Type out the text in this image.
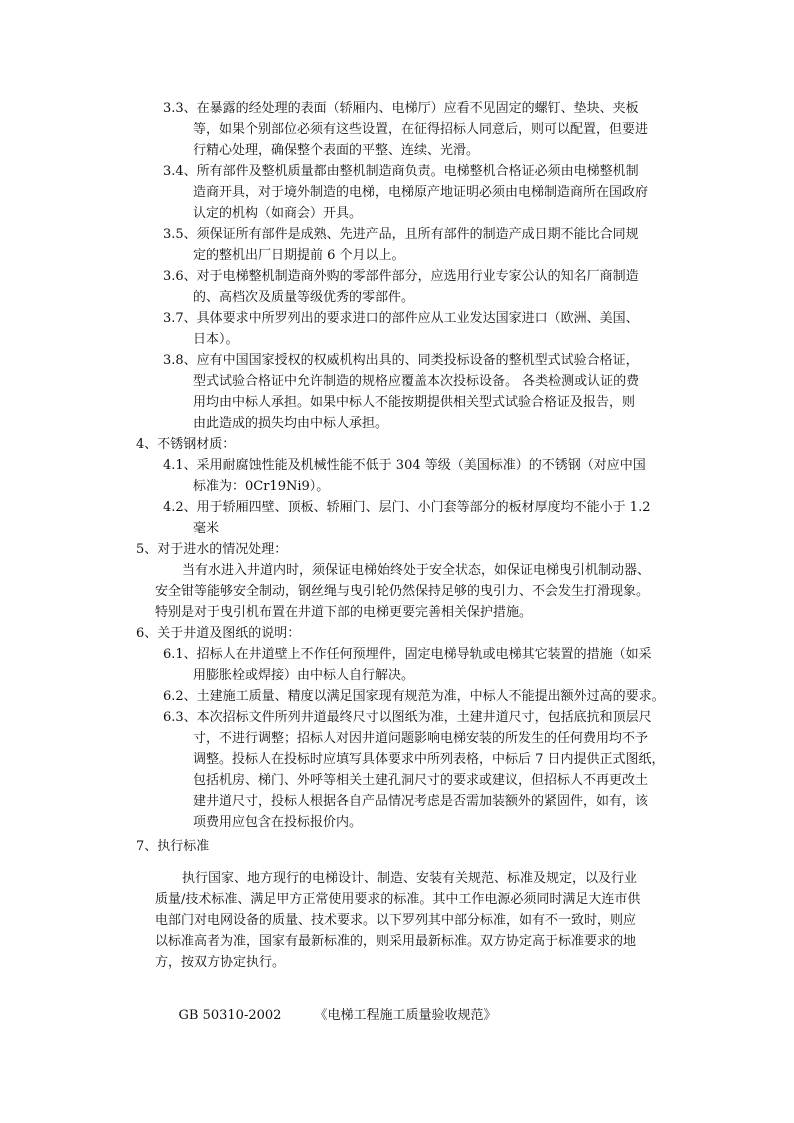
3.3、在暴露的经处理的表面（轿厢内、电梯厅）应看不见固定的螺钉、垫块、夹板
等，如果个别部位必须有这些设置，在征得招标人同意后，则可以配置，但要进
行精心处理，确保整个表面的平整、连续、光滑。

3.4、所有部件及整机质量都由整机制造商负责。电梯整机合格证必须由电梯整机制
造商开具，对于境外制造的电梯，电梯原产地证明必须由电梯制造商所在国政府
认定的机构（如商会）开具。

3.5、须保证所有部件是成熟、先进产品，且所有部件的制造产成日期不能比合同规
定的整机出厂日期提前 6 个月以上。

3.6、对于电梯整机制造商外购的零部件部分，应选用行业专家公认的知名厂商制造
的、高档次及质量等级优秀的零部件。

3.7、具体要求中所罗列出的要求进口的部件应从工业发达国家进口（欧洲、美国、
日本）。

3.8、应有中国国家授权的权威机构出具的、同类投标设备的整机型式试验合格证，
型式试验合格证中允许制造的规格应覆盖本次投标设备。 各类检测或认证的费
用均由中标人承担。如果中标人不能按期提供相关型式试验合格证及报告，则
由此造成的损失均由中标人承担。

4、不锈钢材质：

4.1、采用耐腐蚀性能及机械性能不低于 304 等级（美国标准）的不锈钢（对应中国
标准为：0Cr19Ni9）。

4.2、用于轿厢四壁、顶板、轿厢门、层门、小门套等部分的板材厚度均不能小于 1.2
毫米

5、对于进水的情况处理：

当有水进入井道内时，须保证电梯始终处于安全状态，如保证电梯曳引机制动器、
安全钳等能够安全制动，钢丝绳与曳引轮仍然保持足够的曳引力、不会发生打滑现象。
特别是对于曳引机布置在井道下部的电梯更要完善相关保护措施。

6、关于井道及图纸的说明：

6.1、招标人在井道壁上不作任何预埋件，固定电梯导轨或电梯其它装置的措施（如采
用膨胀栓或焊接）由中标人自行解决。

6.2、土建施工质量、精度以满足国家现有规范为准，中标人不能提出额外过高的要求。

6.3、本次招标文件所列井道最终尺寸以图纸为准，土建井道尺寸，包括底抗和顶层尺
寸，不进行调整；招标人对因井道问题影响电梯安装的所发生的任何费用均不予
调整。投标人在投标时应填写具体要求中所列表格，中标后 7 日内提供正式图纸，
包括机房、梯门、外呼等相关土建孔洞尺寸的要求或建议，但招标人不再更改土
建井道尺寸，投标人根据各自产品情况考虑是否需加装额外的紧固件，如有，该
项费用应包含在投标报价内。

7、执行标准

执行国家、地方现行的电梯设计、制造、安装有关规范、标准及规定，以及行业
质量/技术标准、满足甲方正常使用要求的标准。其中工作电源必须同时满足大连市供
电部门对电网设备的质量、技术要求。以下罗列其中部分标准，如有不一致时，则应
以标准高者为准，国家有最新标准的，则采用最新标准。双方协定高于标准要求的地
方，按双方协定执行。

GB 50310-2002        《电梯工程施工质量验收规范》
